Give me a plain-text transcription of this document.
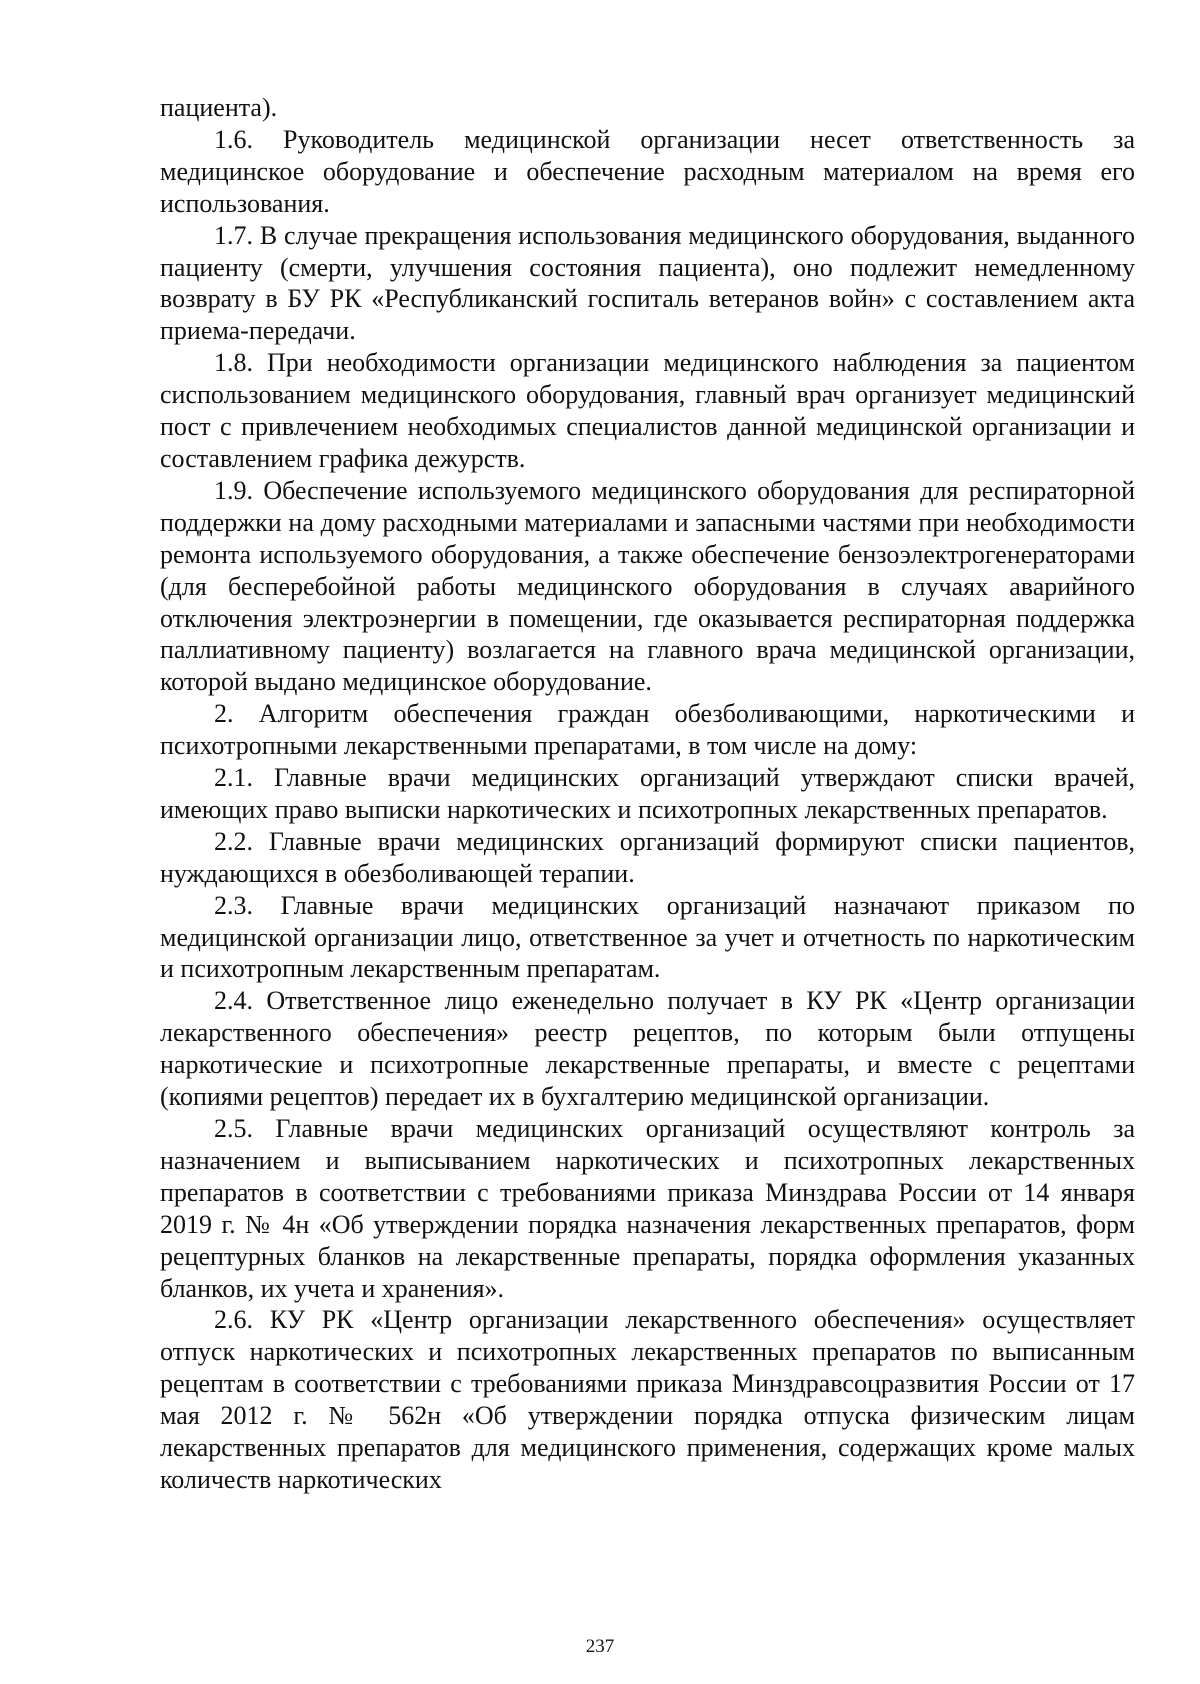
пациента).

1.6. Руководитель медицинской организации несет ответственность за медицинское оборудование и обеспечение расходным материалом на время его использования.

1.7. В случае прекращения использования медицинского оборудования, выданного пациенту (смерти, улучшения состояния пациента), оно подлежит немедленному возврату в БУ РК «Республиканский госпиталь ветеранов войн» с составлением акта приема-передачи.

1.8. При необходимости организации медицинского наблюдения за пациентом сиспользованием медицинского оборудования, главный врач организует медицинский пост с привлечением необходимых специалистов данной медицинской организации и составлением графика дежурств.

1.9. Обеспечение используемого медицинского оборудования для респираторной поддержки на дому расходными материалами и запасными частями при необходимости ремонта используемого оборудования, а также обеспечение бензоэлектрогенераторами (для бесперебойной работы медицинского оборудования в случаях аварийного отключения электроэнергии в помещении, где оказывается респираторная поддержка паллиативному пациенту) возлагается на главного врача медицинской организации, которой выдано медицинское оборудование.

2. Алгоритм обеспечения граждан обезболивающими, наркотическими и психотропными лекарственными препаратами, в том числе на дому:

2.1. Главные врачи медицинских организаций утверждают списки врачей, имеющих право выписки наркотических и психотропных лекарственных препаратов.

2.2. Главные врачи медицинских организаций формируют списки пациентов, нуждающихся в обезболивающей терапии.

2.3. Главные врачи медицинских организаций назначают приказом по медицинской организации лицо, ответственное за учет и отчетность по наркотическим и психотропным лекарственным препаратам.

2.4. Ответственное лицо еженедельно получает в КУ РК «Центр организации лекарственного обеспечения» реестр рецептов, по которым были отпущены наркотические и психотропные лекарственные препараты, и вместе с рецептами (копиями рецептов) передает их в бухгалтерию медицинской организации.

2.5. Главные врачи медицинских организаций осуществляют контроль за назначением и выписыванием наркотических и психотропных лекарственных препаратов в соответствии с требованиями приказа Минздрава России от 14 января 2019 г. № 4н «Об утверждении порядка назначения лекарственных препаратов, форм рецептурных бланков на лекарственные препараты, порядка оформления указанных бланков, их учета и хранения».

2.6. КУ РК «Центр организации лекарственного обеспечения» осуществляет отпуск наркотических и психотропных лекарственных препаратов по выписанным рецептам в соответствии с требованиями приказа Минздравсоцразвития России от 17 мая 2012 г. № 562н «Об утверждении порядка отпуска физическим лицам лекарственных препаратов для медицинского применения, содержащих кроме малых количеств наркотических

237
